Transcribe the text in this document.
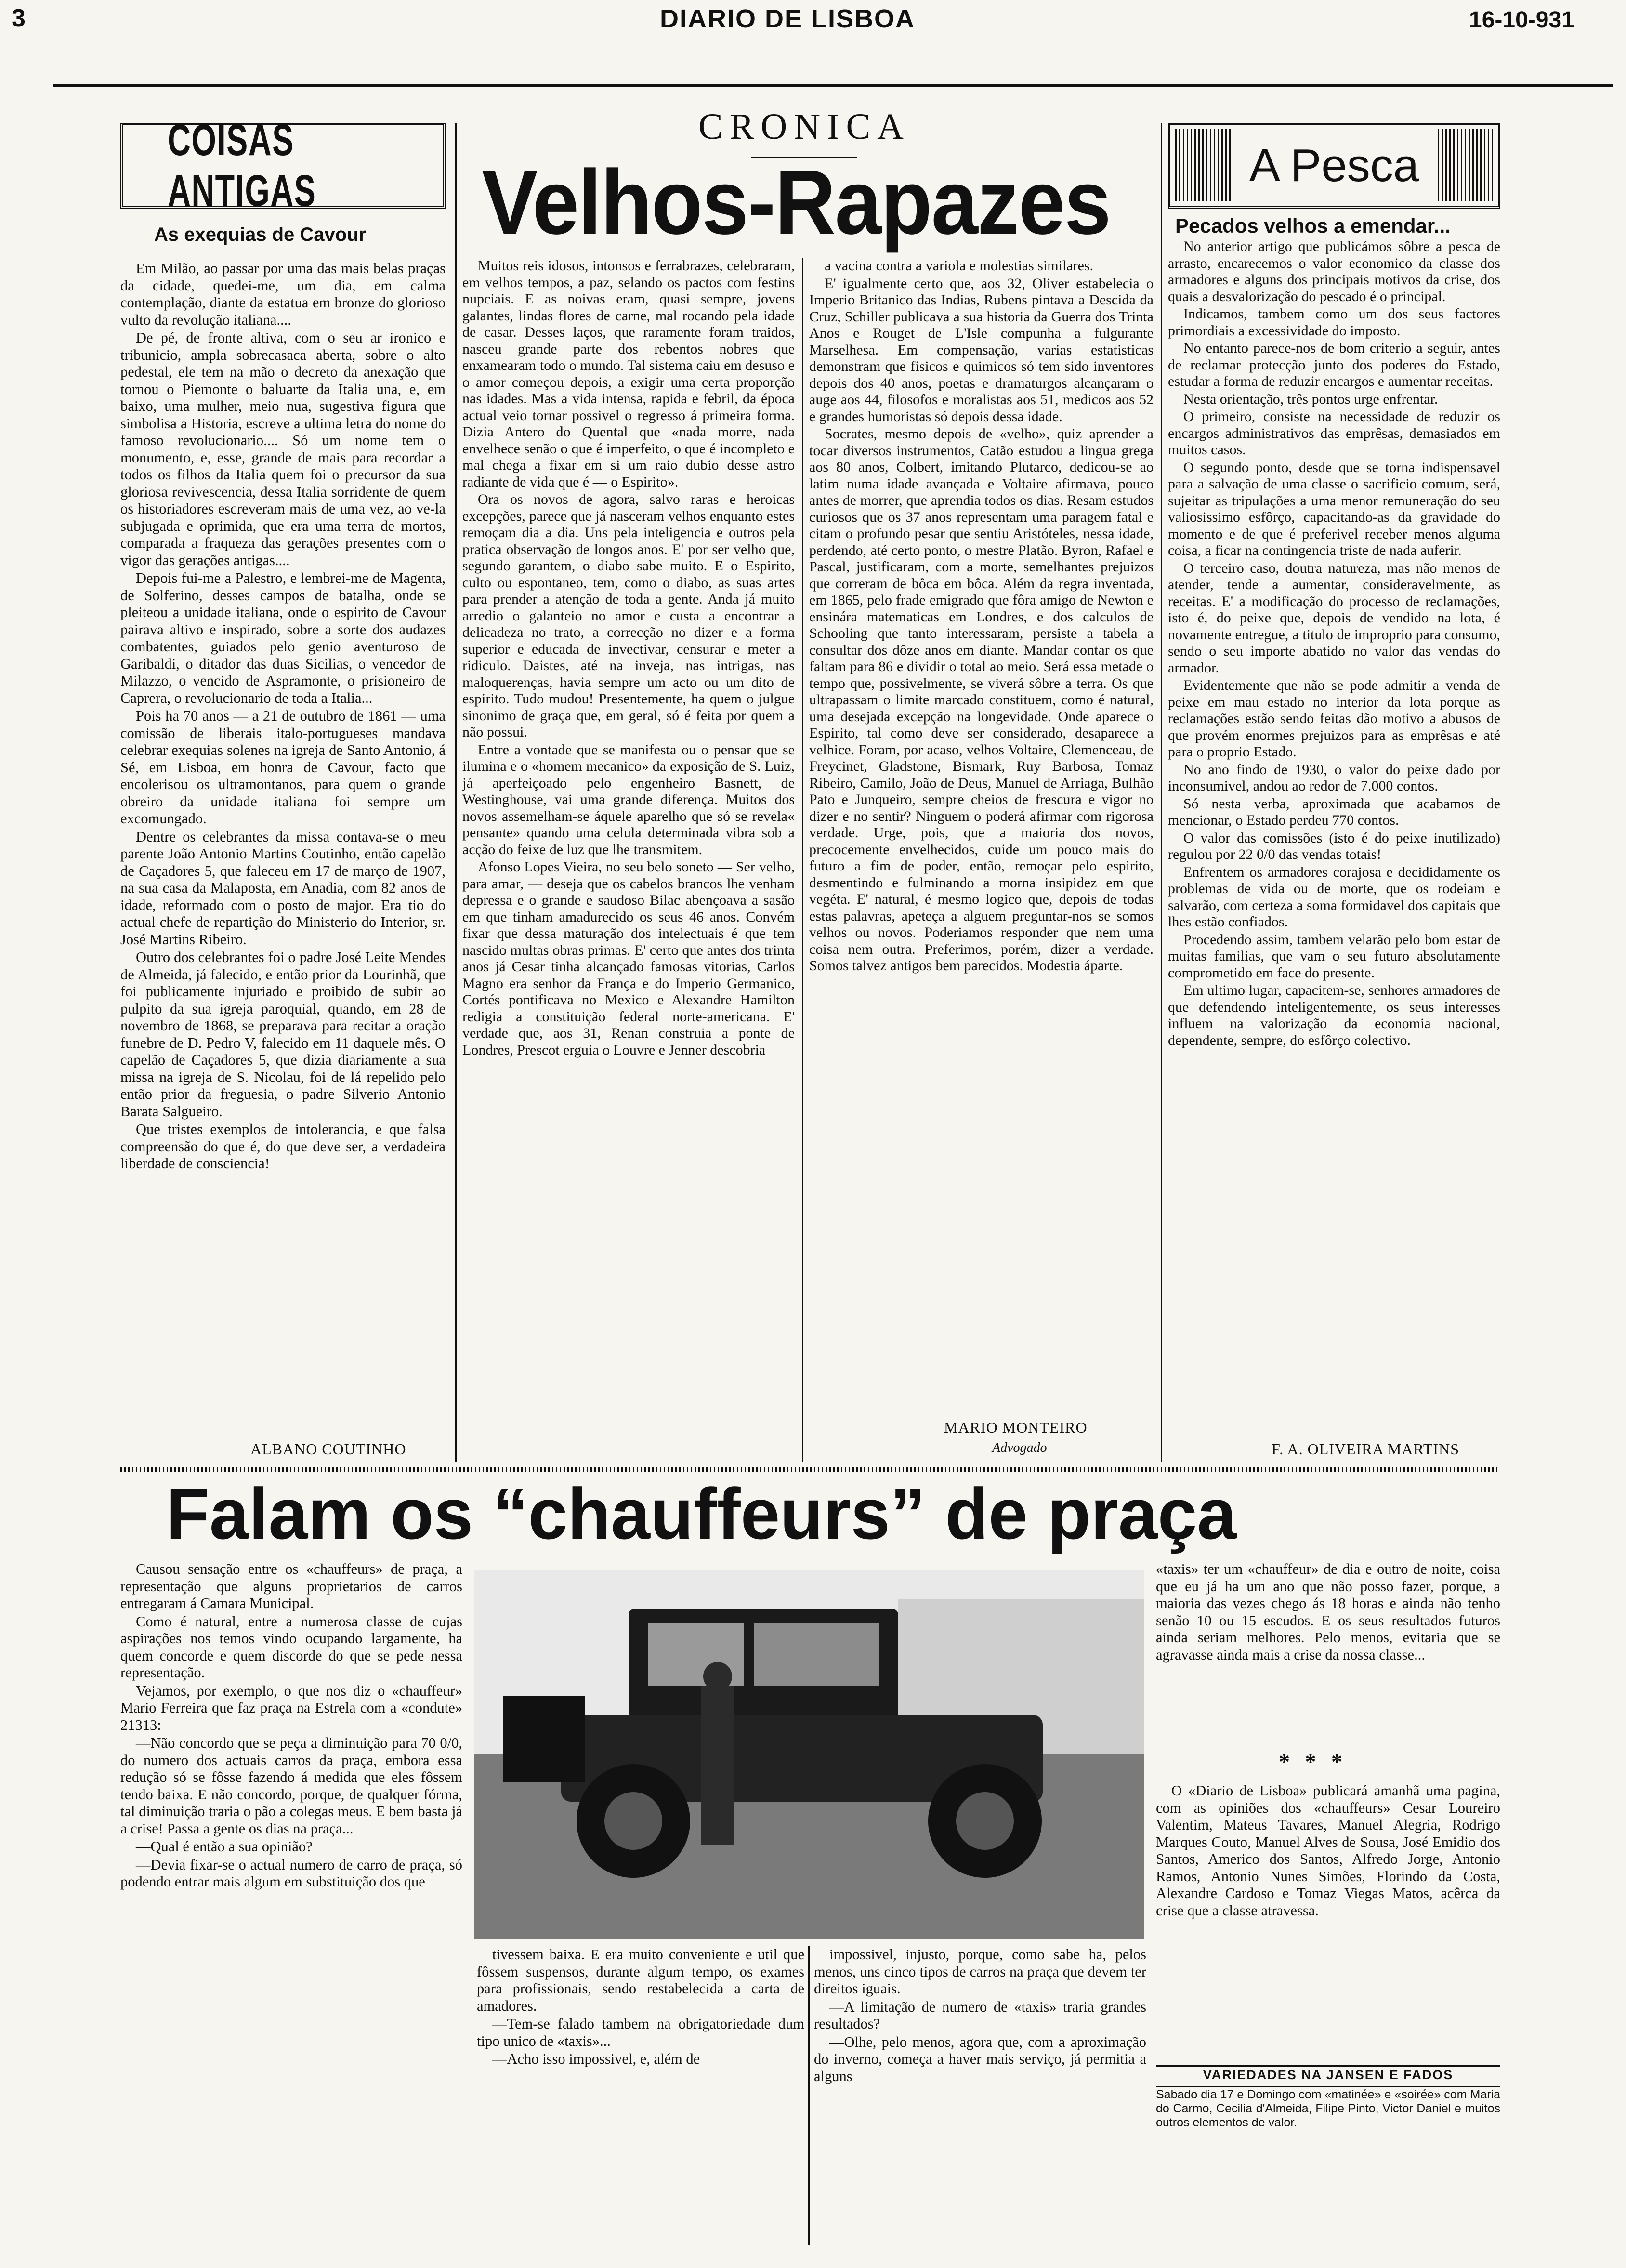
3	DIARIO DE LISBOA	16-10-931
COISAS ANTIGAS
As exequias de Cavour

Em Milão, ao passar por uma das mais belas praças da cidade, quedei-me, um dia, em calma contemplação, diante da estatua em bronze do glorioso vulto da revolução italiana....

De pé, de fronte altiva, com o seu ar ironico e tribunicio, ampla sobrecasaca aberta, sobre o alto pedestal, ele tem na mão o decreto da anexação que tornou o Piemonte o baluarte da Italia una, e, em baixo, uma mulher, meio nua, sugestiva figura que simbolisa a Historia, escreve a ultima letra do nome do famoso revolucionario.... Só um nome tem o monumento, e, esse, grande de mais para recordar a todos os filhos da Italia quem foi o precursor da sua gloriosa revivescencia, dessa Italia sorridente de quem os historiadores escreveram mais de uma vez, ao ve-la subjugada e oprimida, que era uma terra de mortos, comparada a fraqueza das gerações presentes com o vigor das gerações antigas....

Depois fui-me a Palestro, e lembrei-me de Magenta, de Solferino, desses campos de batalha, onde se pleiteou a unidade italiana, onde o espirito de Cavour pairava altivo e inspirado, sobre a sorte dos audazes combatentes, guiados pelo genio aventuroso de Garibaldi, o ditador das duas Sicilias, o vencedor de Milazzo, o vencido de Aspramonte, o prisioneiro de Caprera, o revolucionario de toda a Italia...

Pois ha 70 anos — a 21 de outubro de 1861 — uma comissão de liberais italo-portugueses mandava celebrar exequias solenes na igreja de Santo Antonio, á Sé, em Lisboa, em honra de Cavour, facto que encolerisou os ultramontanos, para quem o grande obreiro da unidade italiana foi sempre um excomungado.

Dentre os celebrantes da missa contava-se o meu parente João Antonio Martins Coutinho, então capelão de Caçadores 5, que faleceu em 17 de março de 1907, na sua casa da Malaposta, em Anadia, com 82 anos de idade, reformado com o posto de major. Era tio do actual chefe de repartição do Ministerio do Interior, sr. José Martins Ribeiro.

Outro dos celebrantes foi o padre José Leite Mendes de Almeida, já falecido, e então prior da Lourinhã, que foi publicamente injuriado e proibido de subir ao pulpito da sua igreja paroquial, quando, em 28 de novembro de 1868, se preparava para recitar a oração funebre de D. Pedro V, falecido em 11 daquele mês. O capelão de Caçadores 5, que dizia diariamente a sua missa na igreja de S. Nicolau, foi de lá repelido pelo então prior da freguesia, o padre Silverio Antonio Barata Salgueiro.

Que tristes exemplos de intolerancia, e que falsa compreensão do que é, do que deve ser, a verdadeira liberdade de consciencia!

ALBANO COUTINHO
CRONICA
Velhos-Rapazes

Muitos reis idosos, intonsos e ferrabrazes, celebraram, em velhos tempos, a paz, selando os pactos com festins nupciais. E as noivas eram, quasi sempre, jovens galantes, lindas flores de carne, mal rocando pela idade de casar. Desses laços, que raramente foram traidos, nasceu grande parte dos rebentos nobres que enxamearam todo o mundo. Tal sistema caiu em desuso e o amor começou depois, a exigir uma certa proporção nas idades. Mas a vida intensa, rapida e febril, da época actual veio tornar possivel o regresso á primeira forma. Dizia Antero do Quental que «nada morre, nada envelhece senão o que é imperfeito, o que é incompleto e mal chega a fixar em si um raio dubio desse astro radiante de vida que é — o Espirito».

Ora os novos de agora, salvo raras e heroicas excepções, parece que já nasceram velhos enquanto estes remoçam dia a dia. Uns pela inteligencia e outros pela pratica observação de longos anos. E' por ser velho que, segundo garantem, o diabo sabe muito. E o Espirito, culto ou espontaneo, tem, como o diabo, as suas artes para prender a atenção de toda a gente. Anda já muito arredio o galanteio no amor e custa a encontrar a delicadeza no trato, a correcção no dizer e a forma superior e educada de invectivar, censurar e meter a ridiculo. Daistes, até na inveja, nas intrigas, nas maloquerenças, havia sempre um acto ou um dito de espirito. Tudo mudou! Presentemente, ha quem o julgue sinonimo de graça que, em geral, só é feita por quem a não possui.

Entre a vontade que se manifesta ou o pensar que se ilumina e o «homem mecanico» da exposição de S. Luiz, já aperfeiçoado pelo engenheiro Basnett, de Westinghouse, vai uma grande diferença. Muitos dos novos assemelham-se áquele aparelho que só se revela« pensante» quando uma celula determinada vibra sob a acção do feixe de luz que lhe transmitem.

Afonso Lopes Vieira, no seu belo soneto — Ser velho, para amar, — deseja que os cabelos brancos lhe venham depressa e o grande e saudoso Bilac abençoava a sasão em que tinham amadurecido os seus 46 anos. Convém fixar que dessa maturação dos intelectuais é que tem nascido multas obras primas. E' certo que antes dos trinta anos já Cesar tinha alcançado famosas vitorias, Carlos Magno era senhor da França e do Imperio Germanico, Cortés pontificava no Mexico e Alexandre Hamilton redigia a constituição federal norte-americana. E' verdade que, aos 31, Renan construia a ponte de Londres, Prescot erguia o Louvre e Jenner descobria

a vacina contra a variola e molestias similares.

E' igualmente certo que, aos 32, Oliver estabelecia o Imperio Britanico das Indias, Rubens pintava a Descida da Cruz, Schiller publicava a sua historia da Guerra dos Trinta Anos e Rouget de L'Isle compunha a fulgurante Marselhesa. Em compensação, varias estatisticas demonstram que fisicos e quimicos só tem sido inventores depois dos 40 anos, poetas e dramaturgos alcançaram o auge aos 44, filosofos e moralistas aos 51, medicos aos 52 e grandes humoristas só depois dessa idade.

Socrates, mesmo depois de «velho», quiz aprender a tocar diversos instrumentos, Catão estudou a lingua grega aos 80 anos, Colbert, imitando Plutarco, dedicou-se ao latim numa idade avançada e Voltaire afirmava, pouco antes de morrer, que aprendia todos os dias. Resam estudos curiosos que os 37 anos representam uma paragem fatal e citam o profundo pesar que sentiu Aristóteles, nessa idade, perdendo, até certo ponto, o mestre Platão. Byron, Rafael e Pascal, justificaram, com a morte, semelhantes prejuizos que correram de bôca em bôca. Além da regra inventada, em 1865, pelo frade emigrado que fôra amigo de Newton e ensinára matematicas em Londres, e dos calculos de Schooling que tanto interessaram, persiste a tabela a consultar dos dôze anos em diante. Mandar contar os que faltam para 86 e dividir o total ao meio. Será essa metade o tempo que, possivelmente, se viverá sôbre a terra. Os que ultrapassam o limite marcado constituem, como é natural, uma desejada excepção na longevidade. Onde aparece o Espirito, tal como deve ser considerado, desaparece a velhice. Foram, por acaso, velhos Voltaire, Clemenceau, de Freycinet, Gladstone, Bismark, Ruy Barbosa, Tomaz Ribeiro, Camilo, João de Deus, Manuel de Arriaga, Bulhão Pato e Junqueiro, sempre cheios de frescura e vigor no dizer e no sentir? Ninguem o poderá afirmar com rigorosa verdade. Urge, pois, que a maioria dos novos, precocemente envelhecidos, cuide um pouco mais do futuro a fim de poder, então, remoçar pelo espirito, desmentindo e fulminando a morna insipidez em que vegéta. E' natural, é mesmo logico que, depois de todas estas palavras, apeteça a alguem preguntar-nos se somos velhos ou novos. Poderiamos responder que nem uma coisa nem outra. Preferimos, porém, dizer a verdade. Somos talvez antigos bem parecidos. Modestia áparte.

MARIO MONTEIRO
Advogado
A Pesca
Pecados velhos a emendar...

No anterior artigo que publicámos sôbre a pesca de arrasto, encarecemos o valor economico da classe dos armadores e alguns dos principais motivos da crise, dos quais a desvalorização do pescado é o principal.

Indicamos, tambem como um dos seus factores primordiais a excessividade do imposto.

No entanto parece-nos de bom criterio a seguir, antes de reclamar protecção junto dos poderes do Estado, estudar a forma de reduzir encargos e aumentar receitas.

Nesta orientação, três pontos urge enfrentar.

O primeiro, consiste na necessidade de reduzir os encargos administrativos das emprêsas, demasiados em muitos casos.

O segundo ponto, desde que se torna indispensavel para a salvação de uma classe o sacrificio comum, será, sujeitar as tripulações a uma menor remuneração do seu valiosissimo esfôrço, capacitando-as da gravidade do momento e de que é preferivel receber menos alguma coisa, a ficar na contingencia triste de nada auferir.

O terceiro caso, doutra natureza, mas não menos de atender, tende a aumentar, consideravelmente, as receitas. E' a modificação do processo de reclamações, isto é, do peixe que, depois de vendido na lota, é novamente entregue, a titulo de improprio para consumo, sendo o seu importe abatido no valor das vendas do armador.

Evidentemente que não se pode admitir a venda de peixe em mau estado no interior da lota porque as reclamações estão sendo feitas dão motivo a abusos de que provém enormes prejuizos para as emprêsas e até para o proprio Estado.

No ano findo de 1930, o valor do peixe dado por inconsumivel, andou ao redor de 7.000 contos.

Só nesta verba, aproximada que acabamos de mencionar, o Estado perdeu 770 contos.

O valor das comissões (isto é do peixe inutilizado) regulou por 22 0/0 das vendas totais!

Enfrentem os armadores corajosa e decididamente os problemas de vida ou de morte, que os rodeiam e salvarão, com certeza a soma formidavel dos capitais que lhes estão confiados.

Procedendo assim, tambem velarão pelo bom estar de muitas familias, que vam o seu futuro absolutamente comprometido em face do presente.

Em ultimo lugar, capacitem-se, senhores armadores de que defendendo inteligentemente, os seus interesses influem na valorização da economia nacional, dependente, sempre, do esfôrço colectivo.

F. A. OLIVEIRA MARTINS
Falam os “chauffeurs” de praça

Causou sensação entre os «chauffeurs» de praça, a representação que alguns proprietarios de carros entregaram á Camara Municipal.

Como é natural, entre a numerosa classe de cujas aspirações nos temos vindo ocupando largamente, ha quem concorde e quem discorde do que se pede nessa representação.

Vejamos, por exemplo, o que nos diz o «chauffeur» Mario Ferreira que faz praça na Estrela com a «condute» 21313:

—Não concordo que se peça a diminuição para 70 0/0, do numero dos actuais carros da praça, embora essa redução só se fôsse fazendo á medida que eles fôssem tendo baixa. E não concordo, porque, de qualquer fórma, tal diminuição traria o pão a colegas meus. E bem basta já a crise! Passa a gente os dias na praça...

—Qual é então a sua opinião?

—Devia fixar-se o actual numero de carro de praça, só podendo entrar mais algum em substituição dos que

tivessem baixa. E era muito conveniente e util que fôssem suspensos, durante algum tempo, os exames para profissionais, sendo restabelecida a carta de amadores.

—Tem-se falado tambem na obrigatoriedade dum tipo unico de «taxis»...

—Acho isso impossivel, e, além de

impossivel, injusto, porque, como sabe ha, pelos menos, uns cinco tipos de carros na praça que devem ter direitos iguais.

—A limitação de numero de «taxis» traria grandes resultados?

—Olhe, pelo menos, agora que, com a aproximação do inverno, começa a haver mais serviço, já permitia a alguns

«taxis» ter um «chauffeur» de dia e outro de noite, coisa que eu já ha um ano que não posso fazer, porque, a maioria das vezes chego ás 18 horas e ainda não tenho senão 10 ou 15 escudos. E os seus resultados futuros ainda seriam melhores. Pelo menos, evitaria que se agravasse ainda mais a crise da nossa classe...

* * *

O «Diario de Lisboa» publicará amanhã uma pagina, com as opiniões dos «chauffeurs» Cesar Loureiro Valentim, Mateus Tavares, Manuel Alegria, Rodrigo Marques Couto, Manuel Alves de Sousa, José Emidio dos Santos, Americo dos Santos, Alfredo Jorge, Antonio Ramos, Antonio Nunes Simões, Florindo da Costa, Alexandre Cardoso e Tomaz Viegas Matos, acêrca da crise que a classe atravessa.

VARIEDADES NA JANSEN E FADOS
Sabado dia 17 e Domingo com «matinée» e «soirée» com Maria do Carmo, Cecilia d'Almeida, Filipe Pinto, Victor Daniel e muitos outros elementos de valor.
